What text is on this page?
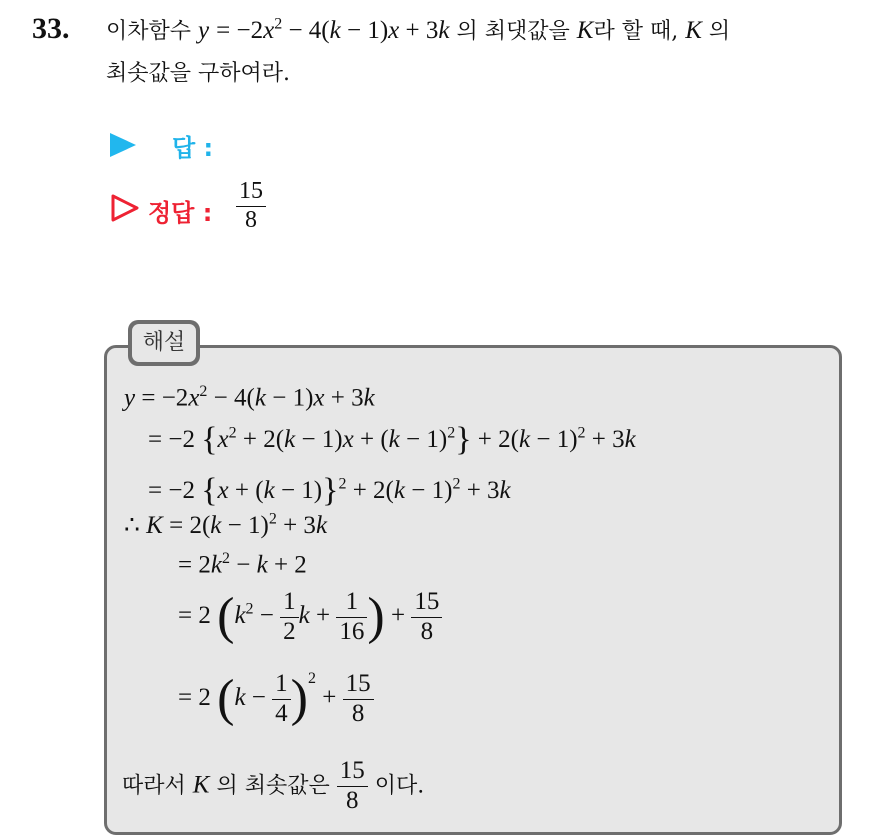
33. 이차함수 $y = -2x^2 - 4(k - 1)x + 3k$ 의 최댓값을 K라 할 때, K 의
최솟값을 구하여라.
답 :
정답 : $\frac{15}{8}$
해설
$y = -2x^2 - 4(k - 1)x + 3k$
= −2 $\{x^2 + 2(k - 1)x + (k - 1)^2\} + 2(k - 1)^2 + 3k$
= −2 $\{x + (k - 1)\}^2 + 2(k - 1)^2 + 3k$
∴ $K = 2(k - 1)^2 + 3k$
= $2k^2 - k + 2$
= 2 ($k^2 - \frac{1}{2}$ $k + \frac{1}{16}$ ) + $\frac{15}{8}$
= 2 $(k - \frac{1}{4} )^2 + \frac{15}{8}$
따라서 K 의 최솟값은 $\frac{15}{8}$ 이다.
